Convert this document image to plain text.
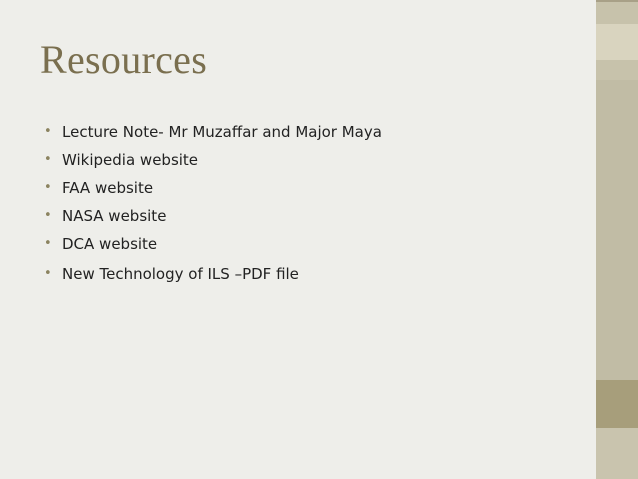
Resources
• Lecture Note- Mr Muzaffar and Major Maya
• Wikipedia website
• FAA website
• NASA website
• DCA website
• New Technology of ILS –PDF file
